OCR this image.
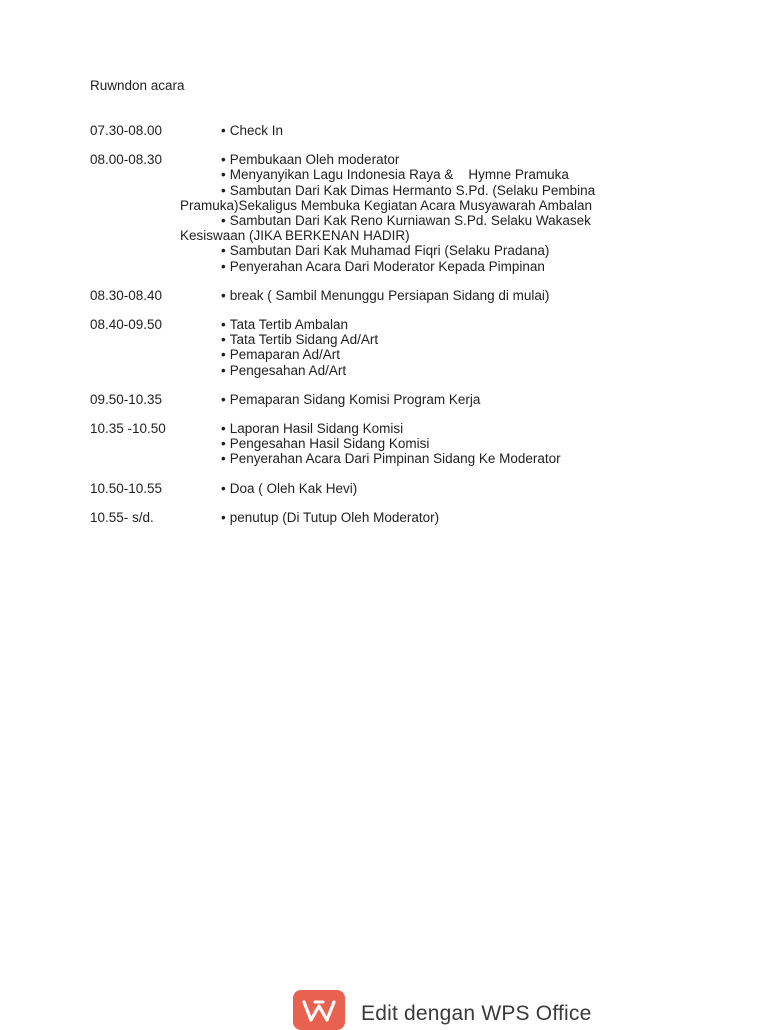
Ruwndon acara
07.30-08.00	• Check In
08.00-08.30	• Pembukaan Oleh moderator
• Menyanyikan Lagu Indonesia Raya &    Hymne Pramuka
• Sambutan Dari Kak Dimas Hermanto S.Pd. (Selaku Pembina
Pramuka)Sekaligus Membuka Kegiatan Acara Musyawarah Ambalan
• Sambutan Dari Kak Reno Kurniawan S.Pd. Selaku Wakasek
Kesiswaan (JIKA BERKENAN HADIR)
• Sambutan Dari Kak Muhamad Fiqri (Selaku Pradana)
• Penyerahan Acara Dari Moderator Kepada Pimpinan
08.30-08.40	• break ( Sambil Menunggu Persiapan Sidang di mulai)
08.40-09.50	• Tata Tertib Ambalan
• Tata Tertib Sidang Ad/Art
• Pemaparan Ad/Art
• Pengesahan Ad/Art
09.50-10.35	• Pemaparan Sidang Komisi Program Kerja
10.35 -10.50	• Laporan Hasil Sidang Komisi
• Pengesahan Hasil Sidang Komisi
• Penyerahan Acara Dari Pimpinan Sidang Ke Moderator
10.50-10.55	• Doa ( Oleh Kak Hevi)
10.55- s/d.	• penutup (Di Tutup Oleh Moderator)
Edit dengan WPS Office
